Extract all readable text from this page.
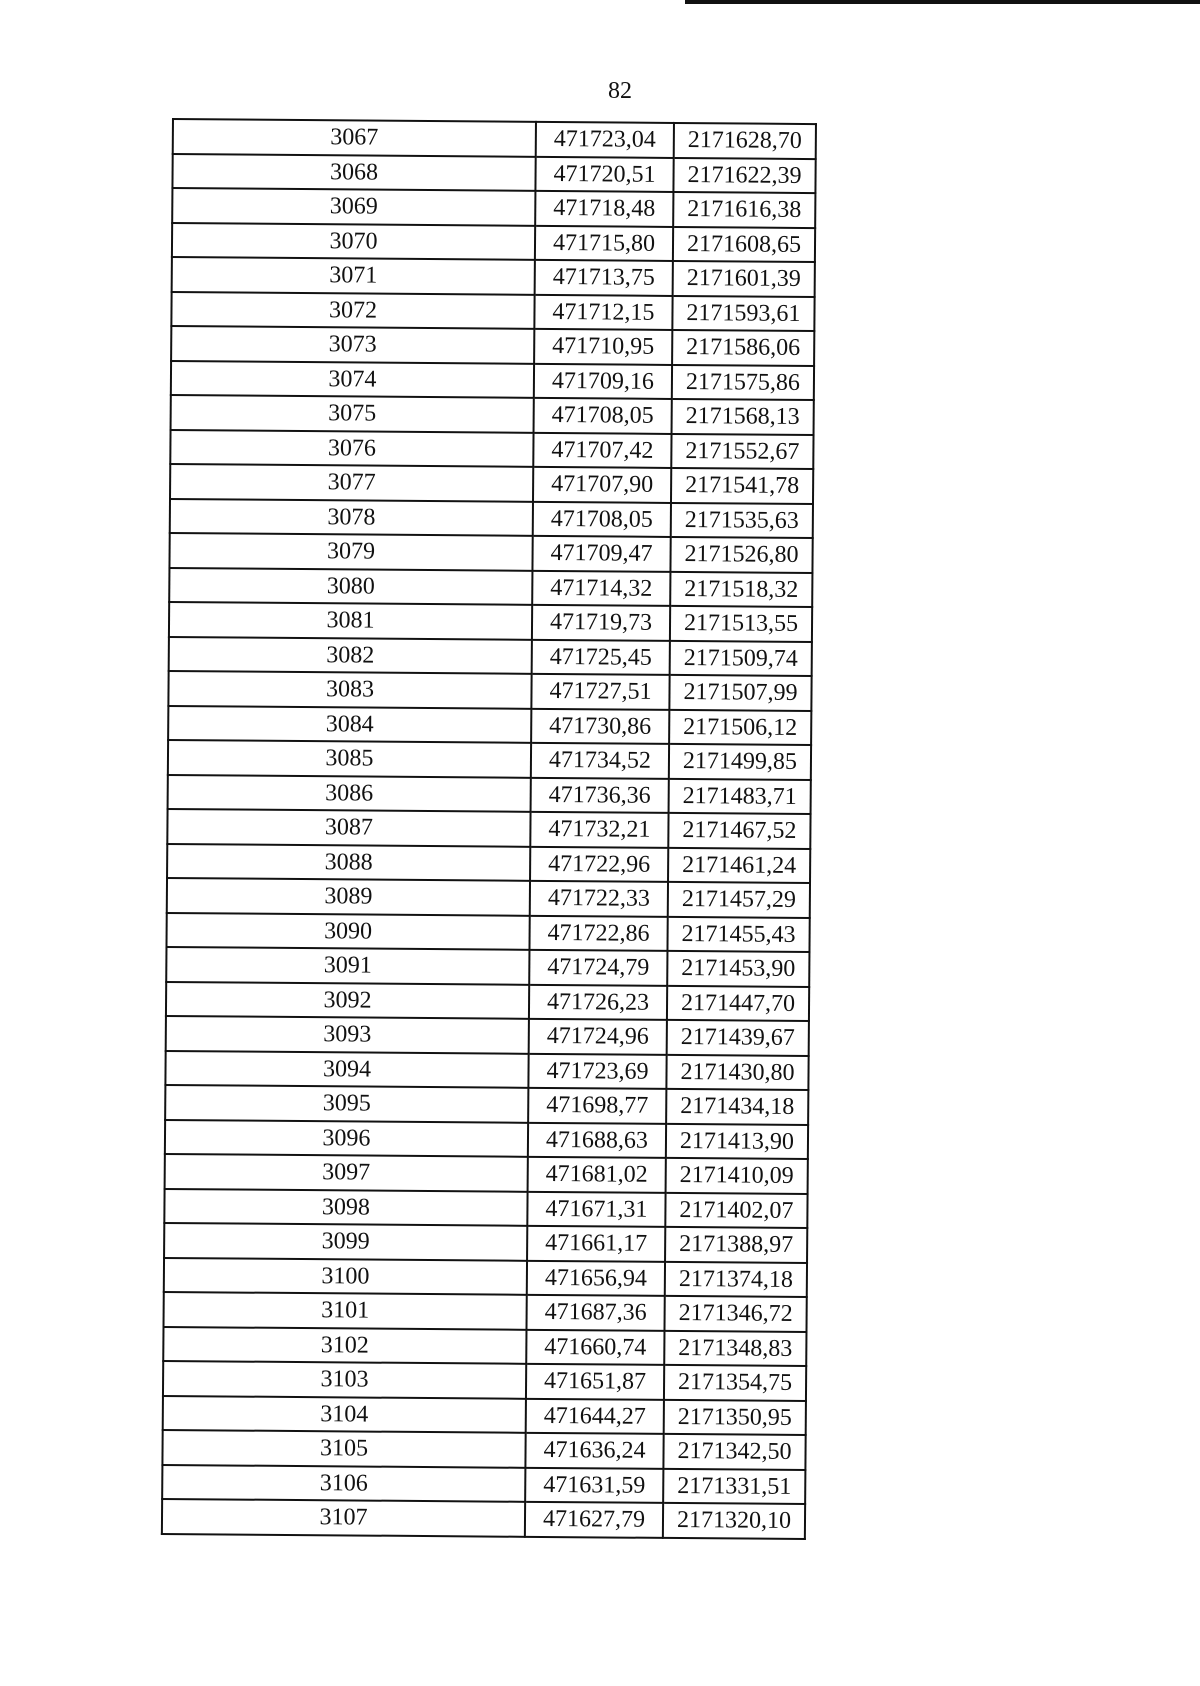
82
3067	471723,04	2171628,70
3068	471720,51	2171622,39
3069	471718,48	2171616,38
3070	471715,80	2171608,65
3071	471713,75	2171601,39
3072	471712,15	2171593,61
3073	471710,95	2171586,06
3074	471709,16	2171575,86
3075	471708,05	2171568,13
3076	471707,42	2171552,67
3077	471707,90	2171541,78
3078	471708,05	2171535,63
3079	471709,47	2171526,80
3080	471714,32	2171518,32
3081	471719,73	2171513,55
3082	471725,45	2171509,74
3083	471727,51	2171507,99
3084	471730,86	2171506,12
3085	471734,52	2171499,85
3086	471736,36	2171483,71
3087	471732,21	2171467,52
3088	471722,96	2171461,24
3089	471722,33	2171457,29
3090	471722,86	2171455,43
3091	471724,79	2171453,90
3092	471726,23	2171447,70
3093	471724,96	2171439,67
3094	471723,69	2171430,80
3095	471698,77	2171434,18
3096	471688,63	2171413,90
3097	471681,02	2171410,09
3098	471671,31	2171402,07
3099	471661,17	2171388,97
3100	471656,94	2171374,18
3101	471687,36	2171346,72
3102	471660,74	2171348,83
3103	471651,87	2171354,75
3104	471644,27	2171350,95
3105	471636,24	2171342,50
3106	471631,59	2171331,51
3107	471627,79	2171320,10
